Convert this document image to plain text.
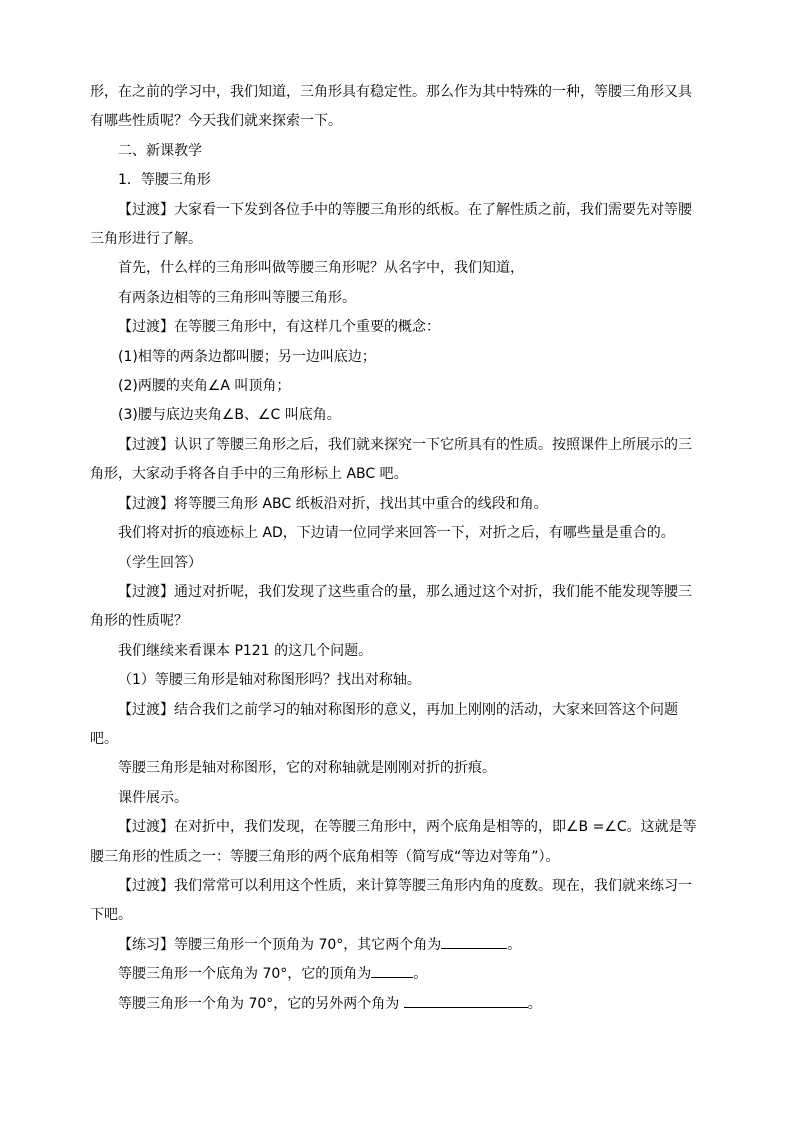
形，在之前的学习中，我们知道，三角形具有稳定性。那么作为其中特殊的一种，等腰三角形又具有哪些性质呢？今天我们就来探索一下。

二、新课教学

1．等腰三角形

【过渡】大家看一下发到各位手中的等腰三角形的纸板。在了解性质之前，我们需要先对等腰三角形进行了解。

首先，什么样的三角形叫做等腰三角形呢？从名字中，我们知道，

有两条边相等的三角形叫等腰三角形。

【过渡】在等腰三角形中，有这样几个重要的概念：

(1)相等的两条边都叫腰；另一边叫底边；

(2)两腰的夹角∠A 叫顶角；

(3)腰与底边夹角∠B、∠C 叫底角。

【过渡】认识了等腰三角形之后，我们就来探究一下它所具有的性质。按照课件上所展示的三角形，大家动手将各自手中的三角形标上 ABC 吧。

【过渡】将等腰三角形 ABC 纸板沿对折，找出其中重合的线段和角。

我们将对折的痕迹标上 AD，下边请一位同学来回答一下，对折之后，有哪些量是重合的。

（学生回答）

【过渡】通过对折呢，我们发现了这些重合的量，那么通过这个对折，我们能不能发现等腰三角形的性质呢？

我们继续来看课本 P121 的这几个问题。

（1）等腰三角形是轴对称图形吗？找出对称轴。

【过渡】结合我们之前学习的轴对称图形的意义，再加上刚刚的活动，大家来回答这个问题吧。

等腰三角形是轴对称图形，它的对称轴就是刚刚对折的折痕。

课件展示。

【过渡】在对折中，我们发现，在等腰三角形中，两个底角是相等的，即∠B =∠C。这就是等腰三角形的性质之一：等腰三角形的两个底角相等（简写成“等边对等角”）。

【过渡】我们常常可以利用这个性质，来计算等腰三角形内角的度数。现在，我们就来练习一下吧。

【练习】等腰三角形一个顶角为 70°，其它两个角为	。

等腰三角形一个底角为 70°，它的顶角为	。

等腰三角形一个角为 70°，它的另外两个角为	。
